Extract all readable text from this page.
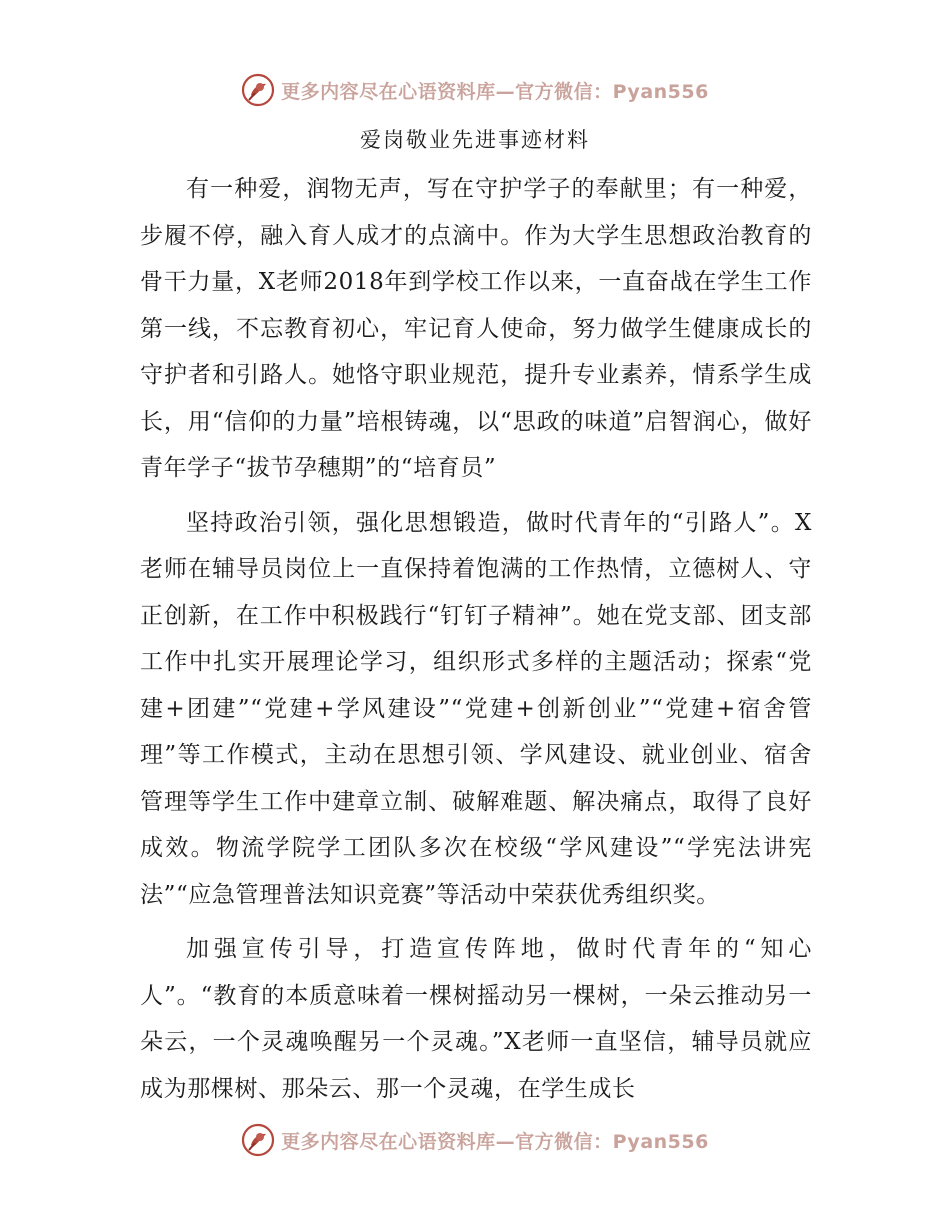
更多内容尽在心语资料库—官方微信：Pyan556
爱岗敬业先进事迹材料

有一种爱，润物无声，写在守护学子的奉献里；有一种爱，步履不停，融入育人成才的点滴中。作为大学生思想政治教育的骨干力量，X老师2018年到学校工作以来，一直奋战在学生工作第一线，不忘教育初心，牢记育人使命，努力做学生健康成长的守护者和引路人。她恪守职业规范，提升专业素养，情系学生成长，用“信仰的力量”培根铸魂，以“思政的味道”启智润心，做好青年学子“拔节孕穗期”的“培育员”

坚持政治引领，强化思想锻造，做时代青年的“引路人”。X老师在辅导员岗位上一直保持着饱满的工作热情，立德树人、守正创新，在工作中积极践行“钉钉子精神”。她在党支部、团支部工作中扎实开展理论学习，组织形式多样的主题活动；探索“党建+团建”“党建+学风建设”“党建+创新创业”“党建+宿舍管理”等工作模式，主动在思想引领、学风建设、就业创业、宿舍管理等学生工作中建章立制、破解难题、解决痛点，取得了良好成效。物流学院学工团队多次在校级“学风建设”“学宪法讲宪法”“应急管理普法知识竞赛”等活动中荣获优秀组织奖。

加强宣传引导，打造宣传阵地，做时代青年的“知心人”。“教育的本质意味着一棵树摇动另一棵树，一朵云推动另一朵云，一个灵魂唤醒另一个灵魂。”X老师一直坚信，辅导员就应成为那棵树、那朵云、那一个灵魂，在学生成长

更多内容尽在心语资料库—官方微信：Pyan556
